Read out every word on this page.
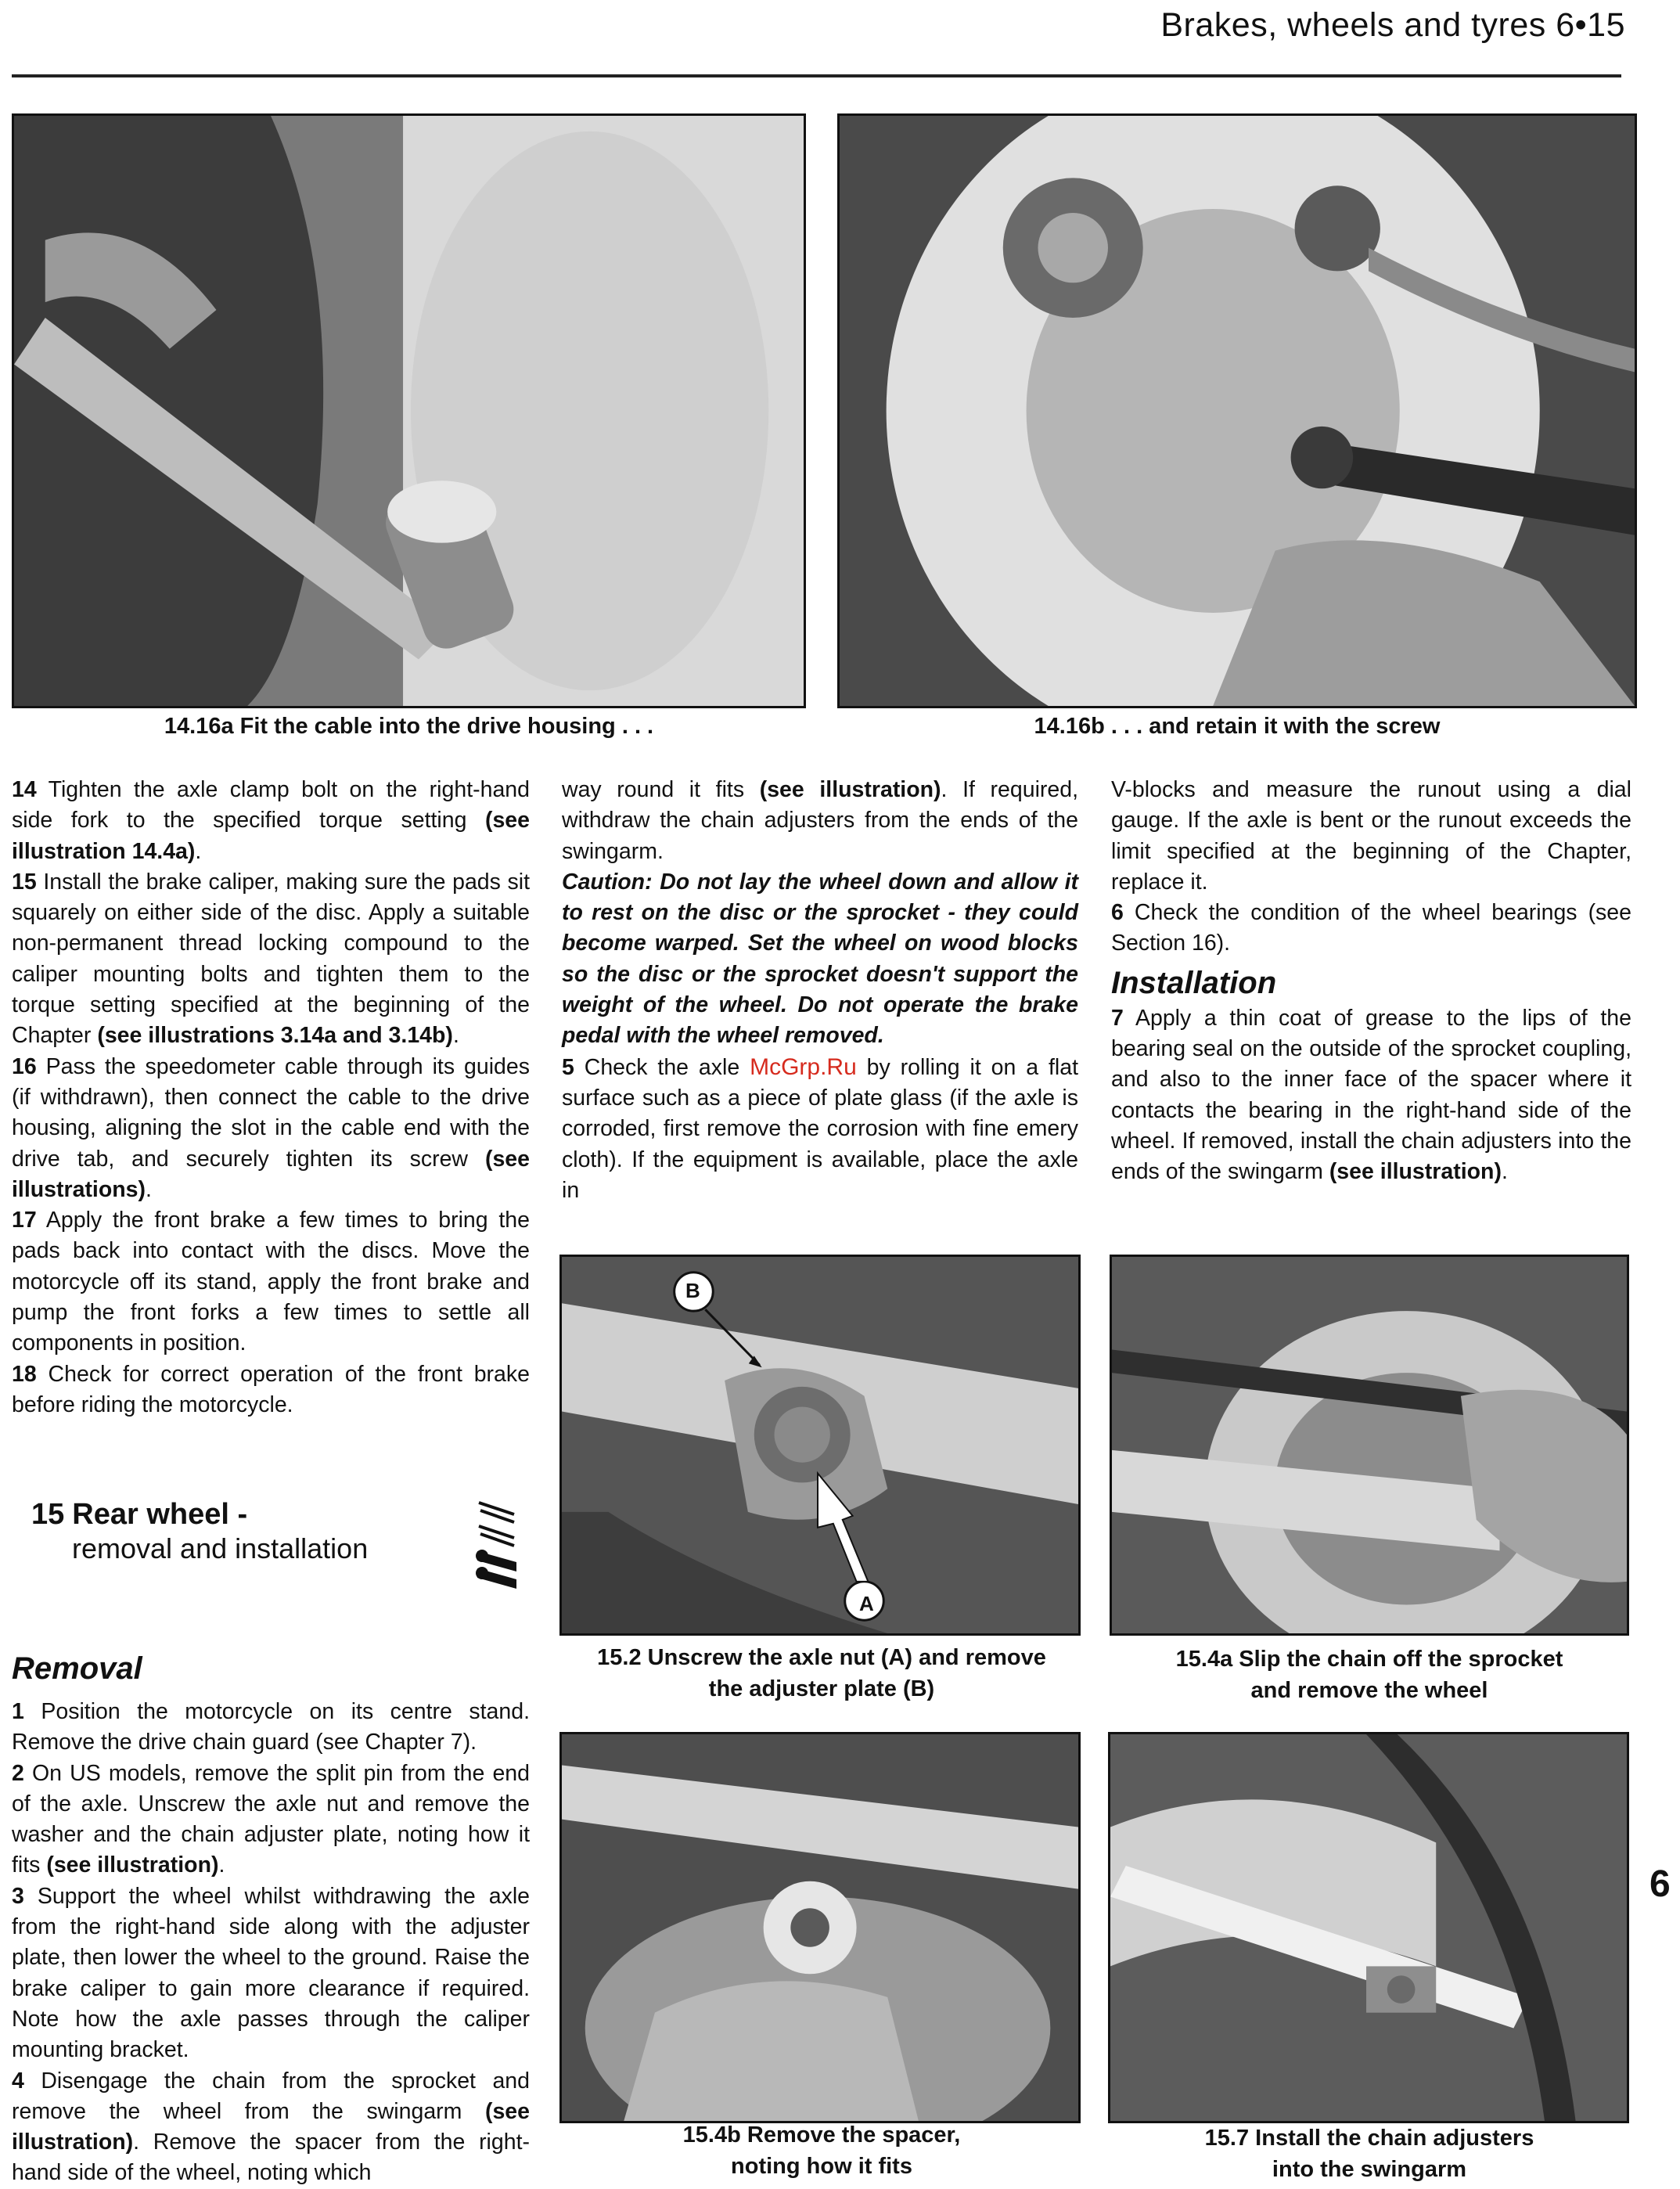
Brakes, wheels and tyres 6•15
14.16a Fit the cable into the drive housing . . .	14.16b . . . and retain it with the screw

14 Tighten the axle clamp bolt on the right-hand side fork to the specified torque setting (see illustration 14.4a).

15 Install the brake caliper, making sure the pads sit squarely on either side of the disc. Apply a suitable non-permanent thread locking compound to the caliper mounting bolts and tighten them to the torque setting specified at the beginning of the Chapter (see illustrations 3.14a and 3.14b).

16 Pass the speedometer cable through its guides (if withdrawn), then connect the cable to the drive housing, aligning the slot in the cable end with the drive tab, and securely tighten its screw (see illustrations).

17 Apply the front brake a few times to bring the pads back into contact with the discs. Move the motorcycle off its stand, apply the front brake and pump the front forks a few times to settle all components in position.

18 Check for correct operation of the front brake before riding the motorcycle.

15 Rear wheel -
removal and installation
Removal

1 Position the motorcycle on its centre stand. Remove the drive chain guard (see Chapter 7).

2 On US models, remove the split pin from the end of the axle. Unscrew the axle nut and remove the washer and the chain adjuster plate, noting how it fits (see illustration).

3 Support the wheel whilst withdrawing the axle from the right-hand side along with the adjuster plate, then lower the wheel to the ground. Raise the brake caliper to gain more clearance if required. Note how the axle passes through the caliper mounting bracket.

4 Disengage the chain from the sprocket and remove the wheel from the swingarm (see illustration). Remove the spacer from the right-hand side of the wheel, noting which

way round it fits (see illustration). If required, withdraw the chain adjusters from the ends of the swingarm.

Caution: Do not lay the wheel down and allow it to rest on the disc or the sprocket - they could become warped. Set the wheel on wood blocks so the disc or the sprocket doesn't support the weight of the wheel. Do not operate the brake pedal with the wheel removed.

5 Check the axle McGrp.Ru by rolling it on a flat surface such as a piece of plate glass (if the axle is corroded, first remove the corrosion with fine emery cloth). If the equipment is available, place the axle in

V-blocks and measure the runout using a dial gauge. If the axle is bent or the runout exceeds the limit specified at the beginning of the Chapter, replace it.

6 Check the condition of the wheel bearings (see Section 16).

Installation

7 Apply a thin coat of grease to the lips of the bearing seal on the outside of the sprocket coupling, and also to the inner face of the spacer where it contacts the bearing in the right-hand side of the wheel. If removed, install the chain adjusters into the ends of the swingarm (see illustration).

B
A
15.2 Unscrew the axle nut (A) and remove
the adjuster plate (B)
15.4a Slip the chain off the sprocket
and remove the wheel
15.4b Remove the spacer,
noting how it fits
15.7 Install the chain adjusters
into the swingarm
6
